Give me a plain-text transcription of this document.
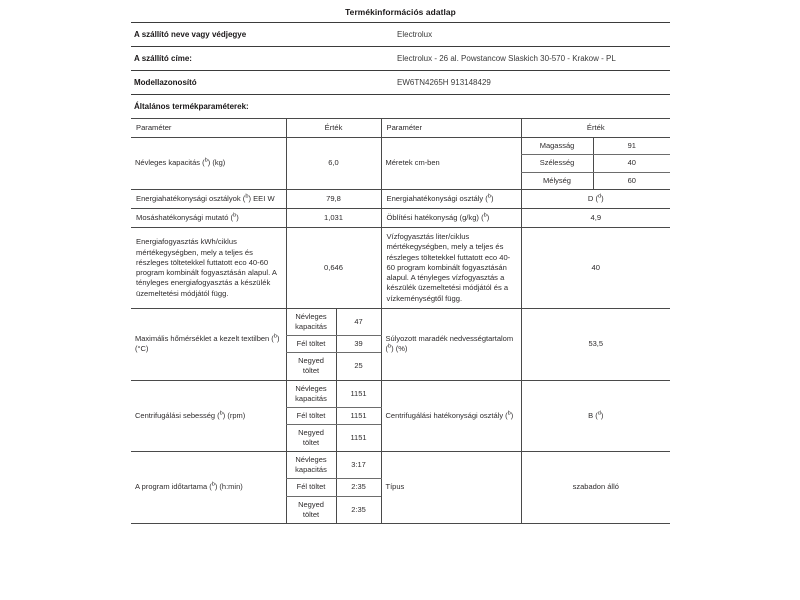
Termékinformációs adatlap
A szállító neve vagy védjegye	Electrolux
A szállító címe:	Electrolux - 26 al. Powstancow Slaskich 30-570 - Krakow - PL
Modellazonosító	EW6TN4265H 913148429
Általános termékparaméterek:
Paraméter	Érték		Paraméter	Érték	
Névleges kapacitás ($^b$) (kg)	6,0		Méretek cm-ben	Magasság	91
				Szélesség	40
				Mélység	60
Energiahatékonysági osztályok ($^b$) EEI W	79,8		Energiahatékonysági osztály ($^b$)	D ($^d$)	
Mosáshatékonysági mutató ($^b$)	1,031		Öblítési hatékonyság (g/kg) ($^b$)	4,9	
Energiafogyasztás kWh/ciklus mértékegységben, mely a teljes és részleges töltetekkel futtatott eco 40-60 program kombinált fogyasztásán alapul. A tényleges energiafogyasztás a készülék üzemeltetési módjától függ.	0,646	Vízfogyasztás liter/ciklus mértékegységben, mely a teljes és részleges töltetekkel futtatott eco 40-60 program kombinált fogyasztásán alapul. A tényleges vízfogyasztás a készülék üzemeltetési módjától és a vízkeménységtől függ.	40
Maximális hőmérséklet a kezelt textilben ($^b$) (°C)	Névleges kapacitás	47	Súlyozott maradék nedvességtartalom ($^b$) (%)	53,5	
	Fél töltet	39			
	Negyed töltet	25			
Centrifugálási sebesség ($^b$) (rpm)	Névleges kapacitás	1151	Centrifugálási hatékonysági osztály ($^b$)	B ($^d$)	
	Fél töltet	1151			
	Negyed töltet	1151			
A program időtartama ($^b$) (h:min)	Névleges kapacitás	3:17	Típus	szabadon álló	
	Fél töltet	2:35			
	Negyed töltet	2:35			
